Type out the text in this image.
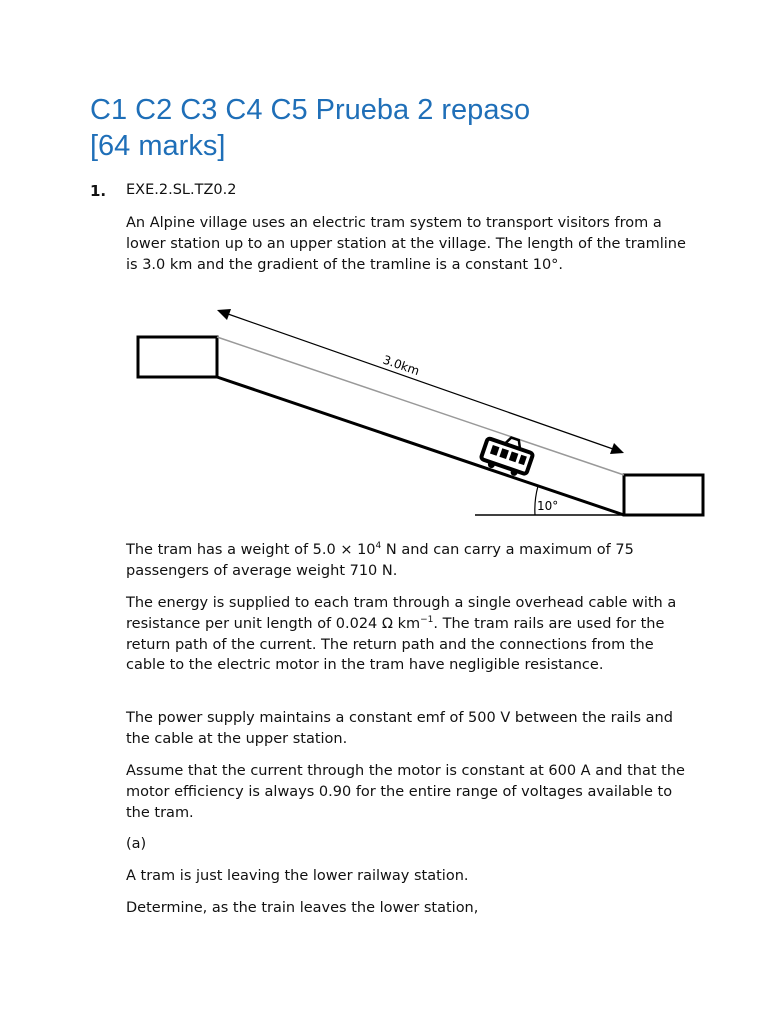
C1 C2 C3 C4 C5 Prueba 2 repaso
[64 marks]
1. EXE.2.SL.TZ0.2

An Alpine village uses an electric tram system to transport visitors from a lower station up to an upper station at the village. The length of the tramline is 3.0 km and the gradient of the tramline is a constant 10°.

10°
3.0km

The tram has a weight of $5.0 \times 10^4$ N and can carry a maximum of 75 passengers of average weight 710 N.

The energy is supplied to each tram through a single overhead cable with a resistance per unit length of 0.024 Ω $km^{-1}$. The tram rails are used for the return path of the current. The return path and the connections from the cable to the electric motor in the tram have negligible resistance.

The power supply maintains a constant emf of 500 V between the rails and the cable at the upper station.

Assume that the current through the motor is constant at 600 A and that the motor efficiency is always 0.90 for the entire range of voltages available to the tram.

(a)

A tram is just leaving the lower railway station.

Determine, as the train leaves the lower station,
